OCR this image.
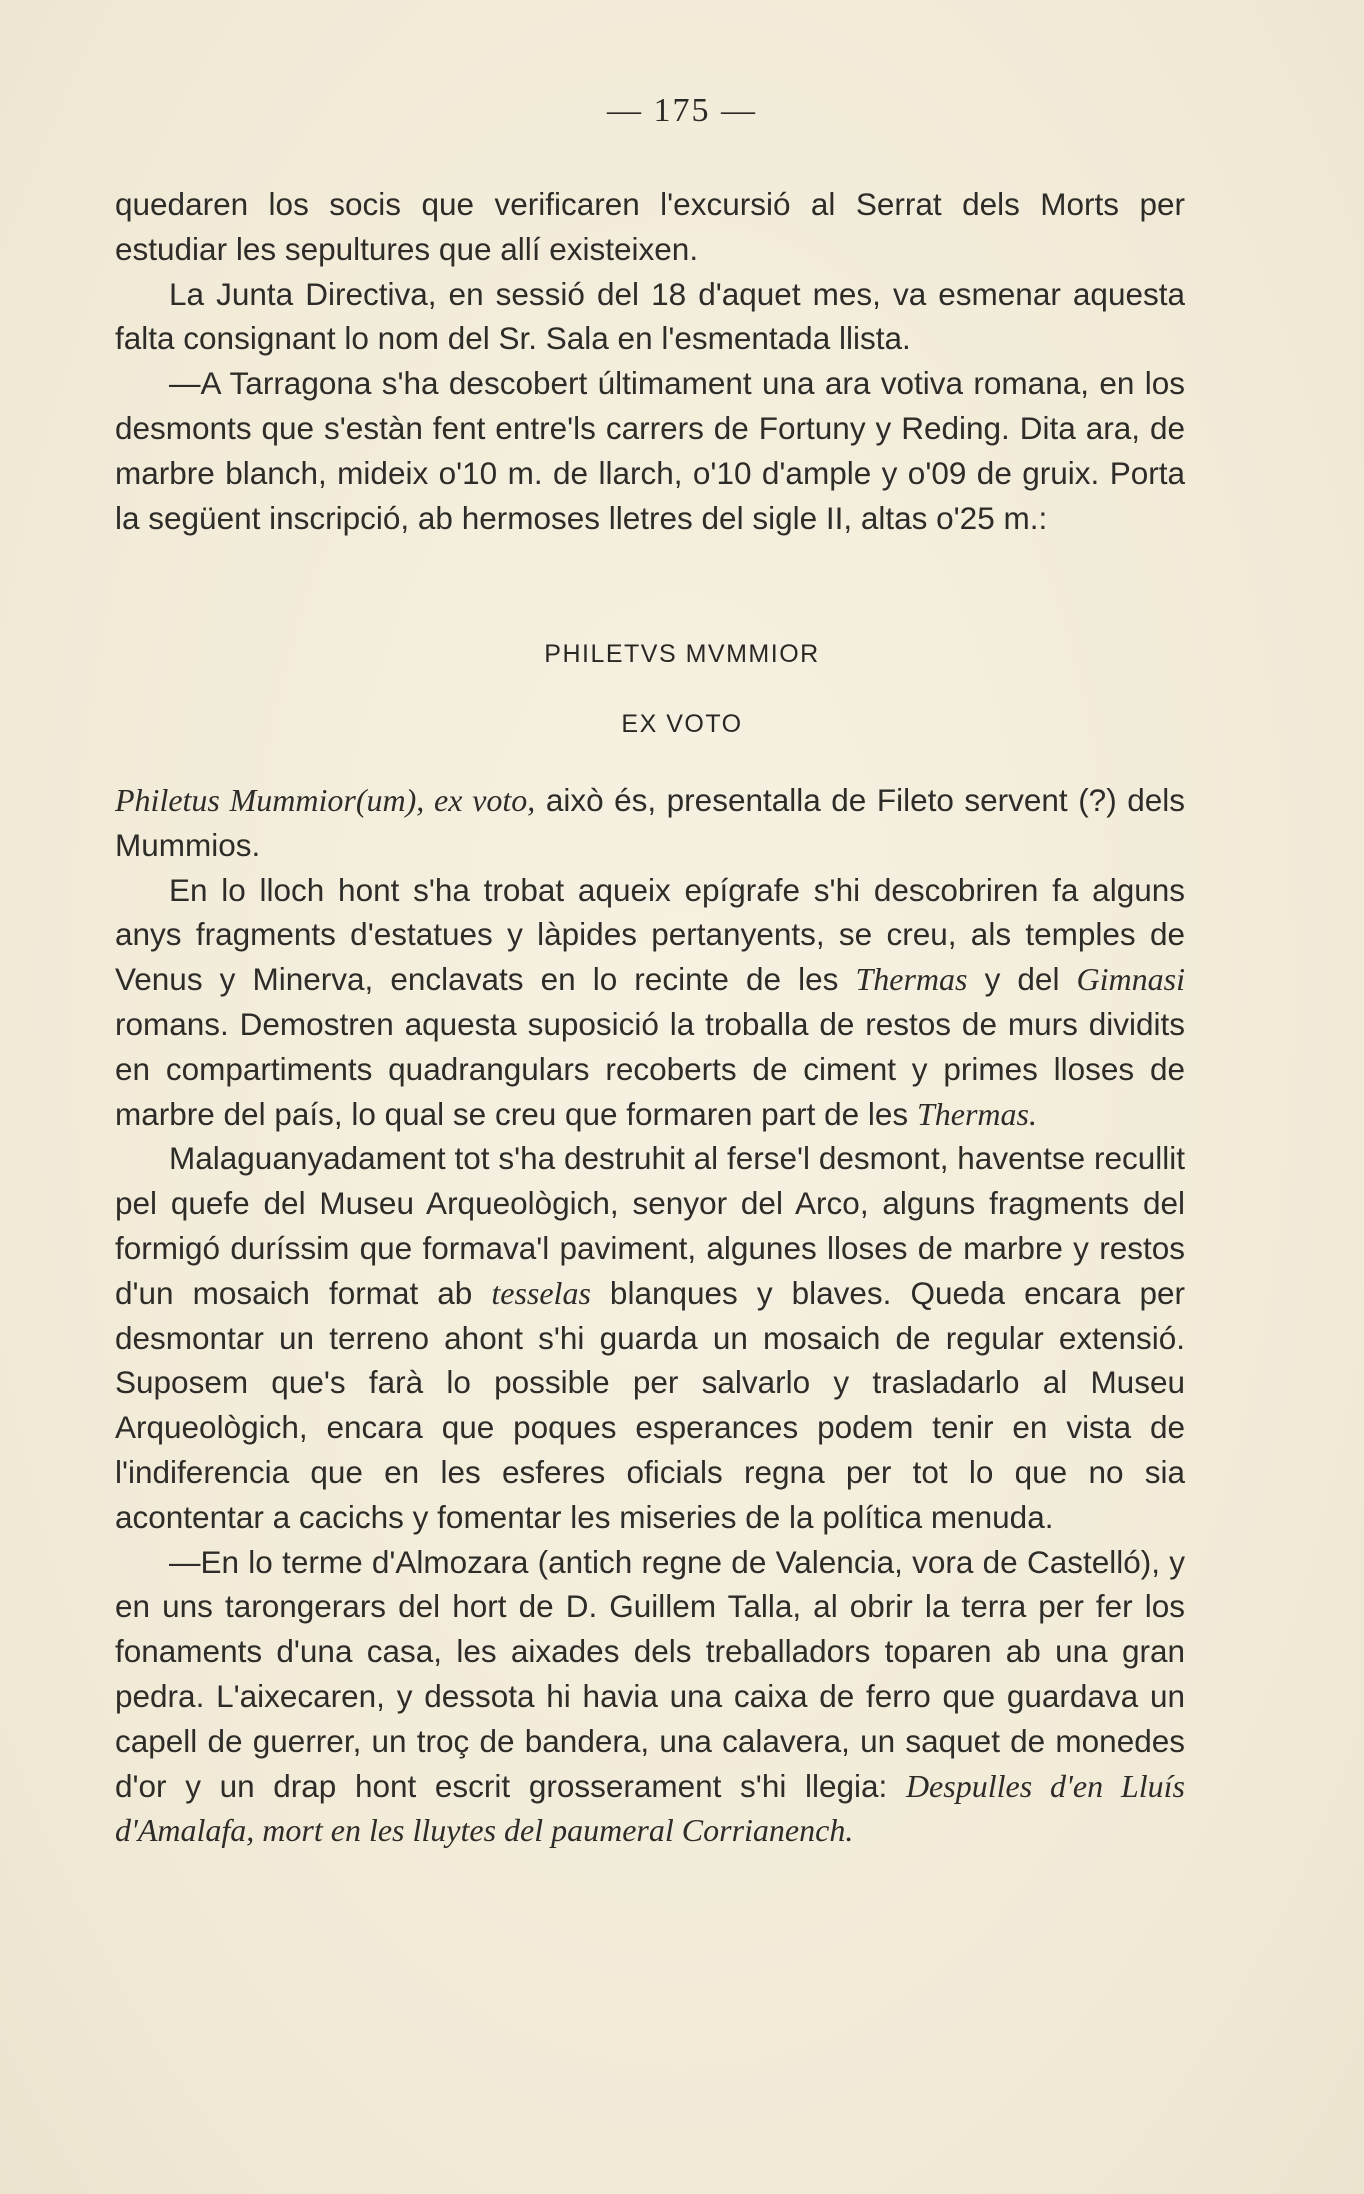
— 175 —

quedaren los socis que verificaren l'excursió al Serrat dels Morts per estudiar les sepultures que allí existeixen.

La Junta Directiva, en sessió del 18 d'aquet mes, va esmenar aquesta falta consignant lo nom del Sr. Sala en l'esmentada llista.

—A Tarragona s'ha descobert últimament una ara votiva romana, en los desmonts que s'estàn fent entre'ls carrers de Fortuny y Reding. Dita ara, de marbre blanch, mideix o'10 m. de llarch, o'10 d'ample y o'09 de gruix. Porta la següent inscripció, ab hermoses lletres del sigle II, altas o'25 m.:

PHILETVS MVMMIOR
EX VOTO

Philetus Mummior(um), ex voto, això és, presentalla de Fileto servent (?) dels Mummios.

En lo lloch hont s'ha trobat aqueix epígrafe s'hi descobriren fa alguns anys fragments d'estatues y làpides pertanyents, se creu, als temples de Venus y Minerva, enclavats en lo recinte de les Thermas y del Gimnasi romans. Demostren aquesta suposició la troballa de restos de murs dividits en compartiments quadrangulars recoberts de ciment y primes lloses de marbre del país, lo qual se creu que formaren part de les Thermas.

Malaguanyadament tot s'ha destruhit al ferse'l desmont, haventse recullit pel quefe del Museu Arqueològich, senyor del Arco, alguns fragments del formigó duríssim que formava'l paviment, algunes lloses de marbre y restos d'un mosaich format ab tesselas blanques y blaves. Queda encara per desmontar un terreno ahont s'hi guarda un mosaich de regular extensió. Suposem que's farà lo possible per salvarlo y trasladarlo al Museu Arqueològich, encara que poques esperances podem tenir en vista de l'indiferencia que en les esferes oficials regna per tot lo que no sia acontentar a cacichs y fomentar les miseries de la política menuda.

—En lo terme d'Almozara (antich regne de Valencia, vora de Castelló), y en uns tarongerars del hort de D. Guillem Talla, al obrir la terra per fer los fonaments d'una casa, les aixades dels treballadors toparen ab una gran pedra. L'aixecaren, y dessota hi havia una caixa de ferro que guardava un capell de guerrer, un troç de bandera, una calavera, un saquet de monedes d'or y un drap hont escrit grosserament s'hi llegia: Despulles d'en Lluís d'Amalafa, mort en les lluytes del paumeral Corrianench.
